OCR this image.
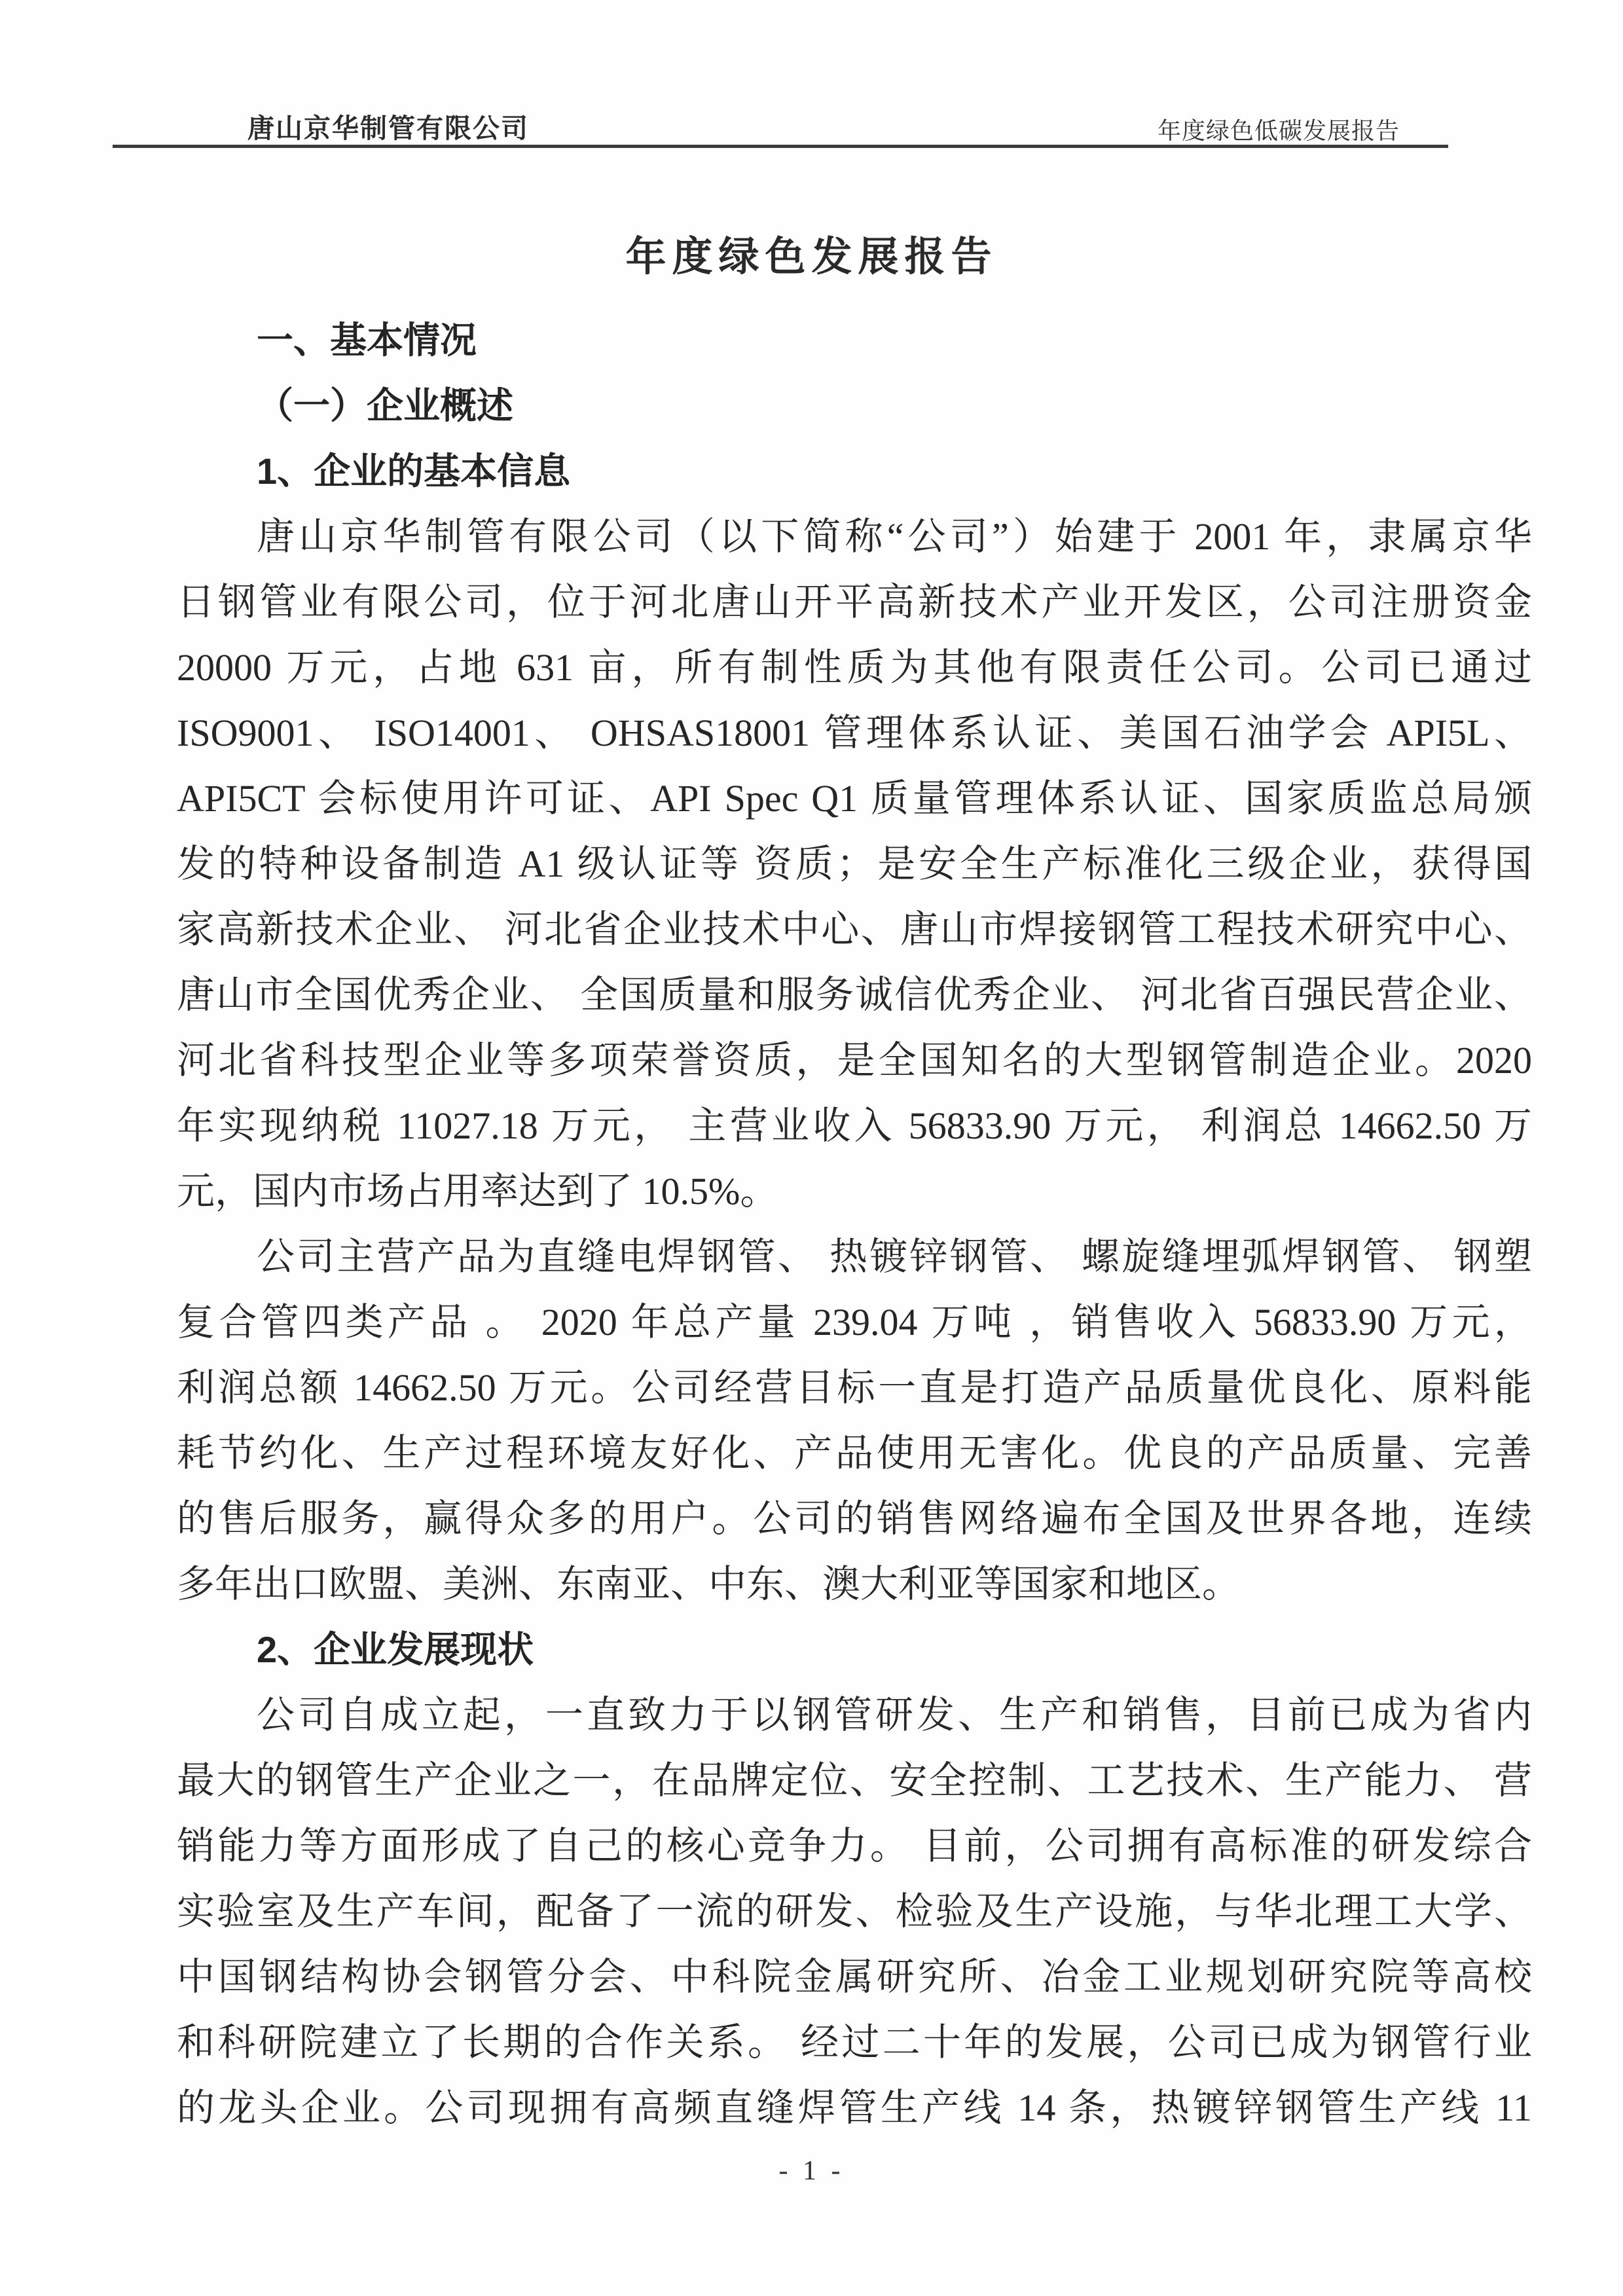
唐山京华制管有限公司	年度绿色低碳发展报告
年度绿色发展报告
一、基本情况
（一）企业概述
1、企业的基本信息
唐山京华制管有限公司（以下简称“公司”）始建于 2001 年，隶属京华
日钢管业有限公司，位于河北唐山开平高新技术产业开发区，公司注册资金
20000 万元，占地 631 亩，所有制性质为其他有限责任公司。公司已通过
ISO9001、 ISO14001、 OHSAS18001 管理体系认证、美国石油学会 API5L、
API5CT 会标使用许可证、API Spec Q1 质量管理体系认证、国家质监总局颁
发的特种设备制造 A1 级认证等 资质；是安全生产标准化三级企业，获得国
家高新技术企业、 河北省企业技术中心、唐山市焊接钢管工程技术研究中心、
唐山市全国优秀企业、 全国质量和服务诚信优秀企业、 河北省百强民营企业、
河北省科技型企业等多项荣誉资质，是全国知名的大型钢管制造企业。2020
年实现纳税 11027.18 万元， 主营业收入 56833.90 万元， 利润总 14662.50 万
元，国内市场占用率达到了 10.5%。
公司主营产品为直缝电焊钢管、 热镀锌钢管、 螺旋缝埋弧焊钢管、 钢塑
复合管四类产品 。 2020 年总产量 239.04 万吨 ，销售收入 56833.90 万元，
利润总额 14662.50 万元。公司经营目标一直是打造产品质量优良化、原料能
耗节约化、生产过程环境友好化、产品使用无害化。优良的产品质量、完善
的售后服务，赢得众多的用户。公司的销售网络遍布全国及世界各地，连续
多年出口欧盟、美洲、东南亚、中东、澳大利亚等国家和地区。
2、企业发展现状
公司自成立起，一直致力于以钢管研发、生产和销售，目前已成为省内
最大的钢管生产企业之一，在品牌定位、安全控制、工艺技术、生产能力、 营
销能力等方面形成了自己的核心竞争力。 目前，公司拥有高标准的研发综合
实验室及生产车间，配备了一流的研发、检验及生产设施，与华北理工大学、
中国钢结构协会钢管分会、中科院金属研究所、冶金工业规划研究院等高校
和科研院建立了长期的合作关系。 经过二十年的发展，公司已成为钢管行业
的龙头企业。公司现拥有高频直缝焊管生产线 14 条，热镀锌钢管生产线 11
- 1 -
